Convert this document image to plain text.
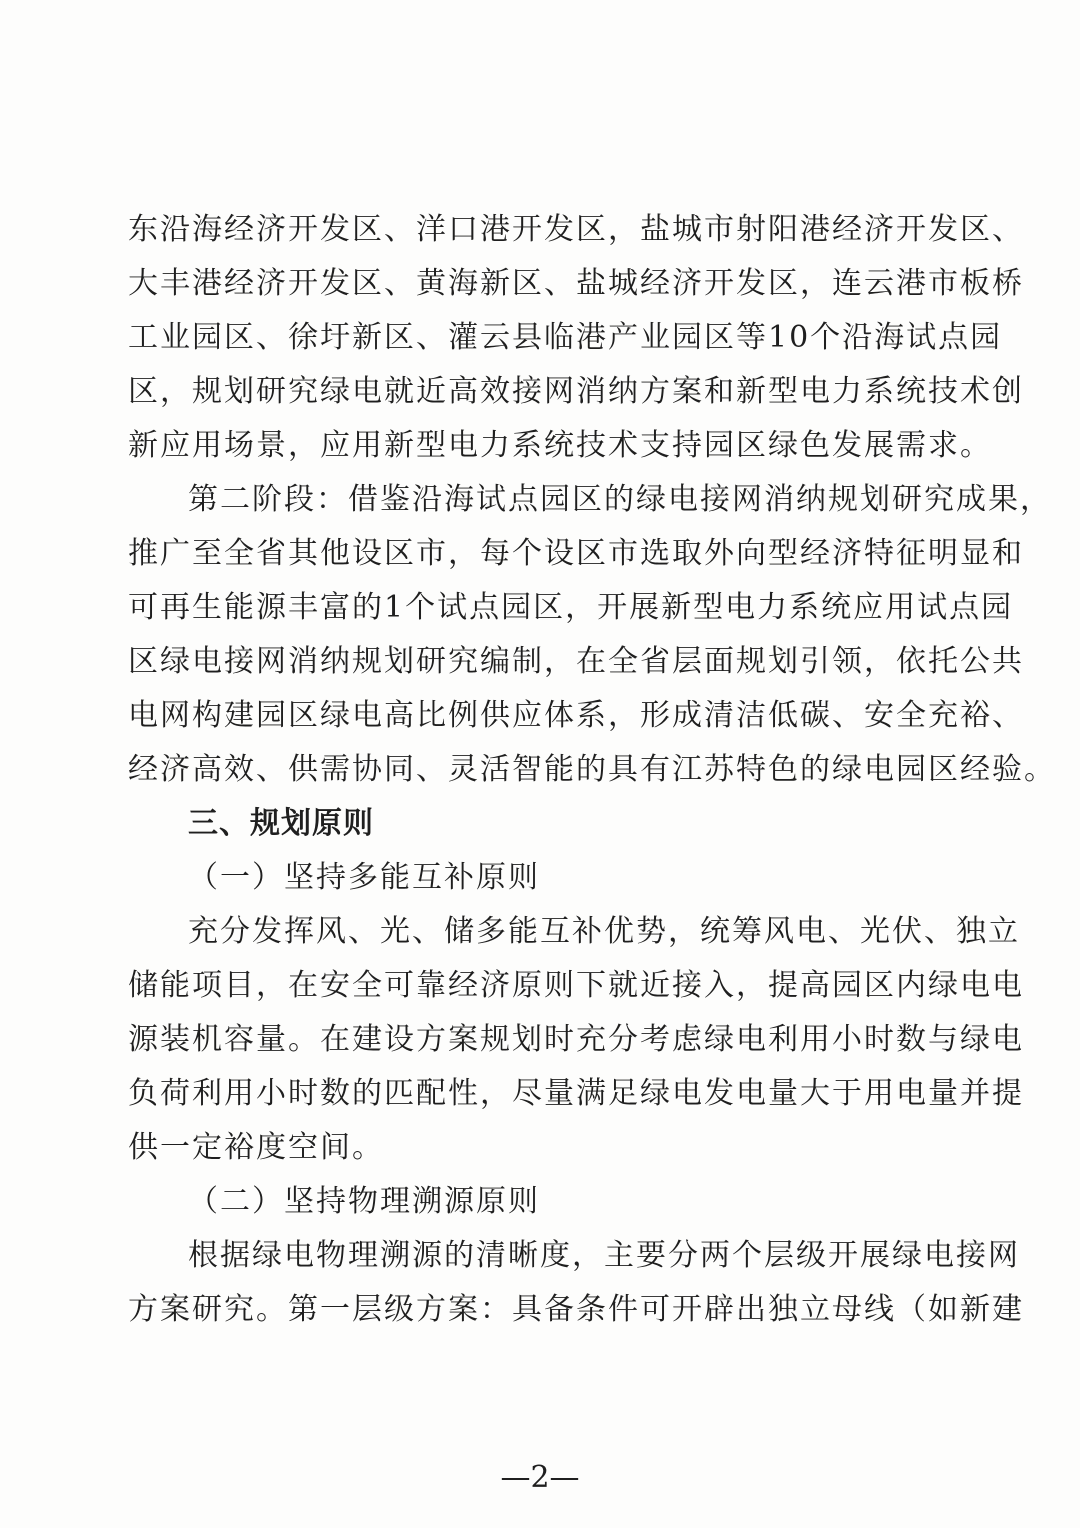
东沿海经济开发区、洋口港开发区，盐城市射阳港经济开发区、
大丰港经济开发区、黄海新区、盐城经济开发区，连云港市板桥
工业园区、徐圩新区、灌云县临港产业园区等10个沿海试点园
区，规划研究绿电就近高效接网消纳方案和新型电力系统技术创
新应用场景，应用新型电力系统技术支持园区绿色发展需求。
第二阶段：借鉴沿海试点园区的绿电接网消纳规划研究成果，
推广至全省其他设区市，每个设区市选取外向型经济特征明显和
可再生能源丰富的1个试点园区，开展新型电力系统应用试点园
区绿电接网消纳规划研究编制，在全省层面规划引领，依托公共
电网构建园区绿电高比例供应体系，形成清洁低碳、安全充裕、
经济高效、供需协同、灵活智能的具有江苏特色的绿电园区经验。
三、规划原则
（一）坚持多能互补原则
充分发挥风、光、储多能互补优势，统筹风电、光伏、独立
储能项目，在安全可靠经济原则下就近接入，提高园区内绿电电
源装机容量。在建设方案规划时充分考虑绿电利用小时数与绿电
负荷利用小时数的匹配性，尽量满足绿电发电量大于用电量并提
供一定裕度空间。
（二）坚持物理溯源原则
根据绿电物理溯源的清晰度，主要分两个层级开展绿电接网
方案研究。第一层级方案：具备条件可开辟出独立母线（如新建
—2—
